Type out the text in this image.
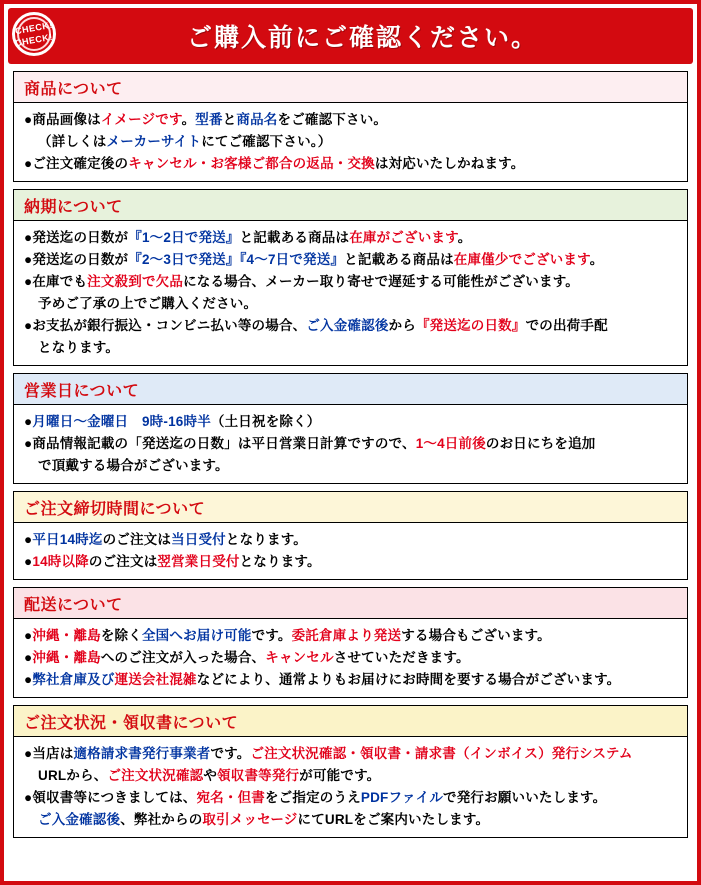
CHECK!
CHECK!	ご購入前にご確認ください。
商品について
●商品画像はイメージです。型番と商品名をご確認下さい。
（詳しくはメーカーサイトにてご確認下さい。）
●ご注文確定後のキャンセル・お客様ご都合の返品・交換は対応いたしかねます。
納期について
●発送迄の日数が『1～2日で発送』と記載ある商品は在庫がございます。
●発送迄の日数が『2～3日で発送』『4～7日で発送』と記載ある商品は在庫僅少でございます。
●在庫でも注文殺到で欠品になる場合、メーカー取り寄せで遅延する可能性がございます。
予めご了承の上でご購入ください。
●お支払が銀行振込・コンビニ払い等の場合、ご入金確認後から『発送迄の日数』での出荷手配
となります。
営業日について
●月曜日～金曜日　 9時-16時半（土日祝を除く）
●商品情報記載の「発送迄の日数」は平日営業日計算ですので、1～4日前後のお日にちを追加
で頂戴する場合がございます。
ご注文締切時間について
●平日14時迄のご注文は当日受付となります。
●14時以降のご注文は翌営業日受付となります。
配送について
●沖縄・離島を除く全国へお届け可能です。委託倉庫より発送する場合もございます。
●沖縄・離島へのご注文が入った場合、キャンセルさせていただきます。
●弊社倉庫及び運送会社混雑などにより、通常よりもお届けにお時間を要する場合がございます。
ご注文状況・領収書について
●当店は適格請求書発行事業者です。ご注文状況確認・領収書・請求書（インボイス）発行システム
URLから、ご注文状況確認や領収書等発行が可能です。
●領収書等につきましては、宛名・但書をご指定のうえPDFファイルで発行お願いいたします。
ご入金確認後、弊社からの取引メッセージにてURLをご案内いたします。
